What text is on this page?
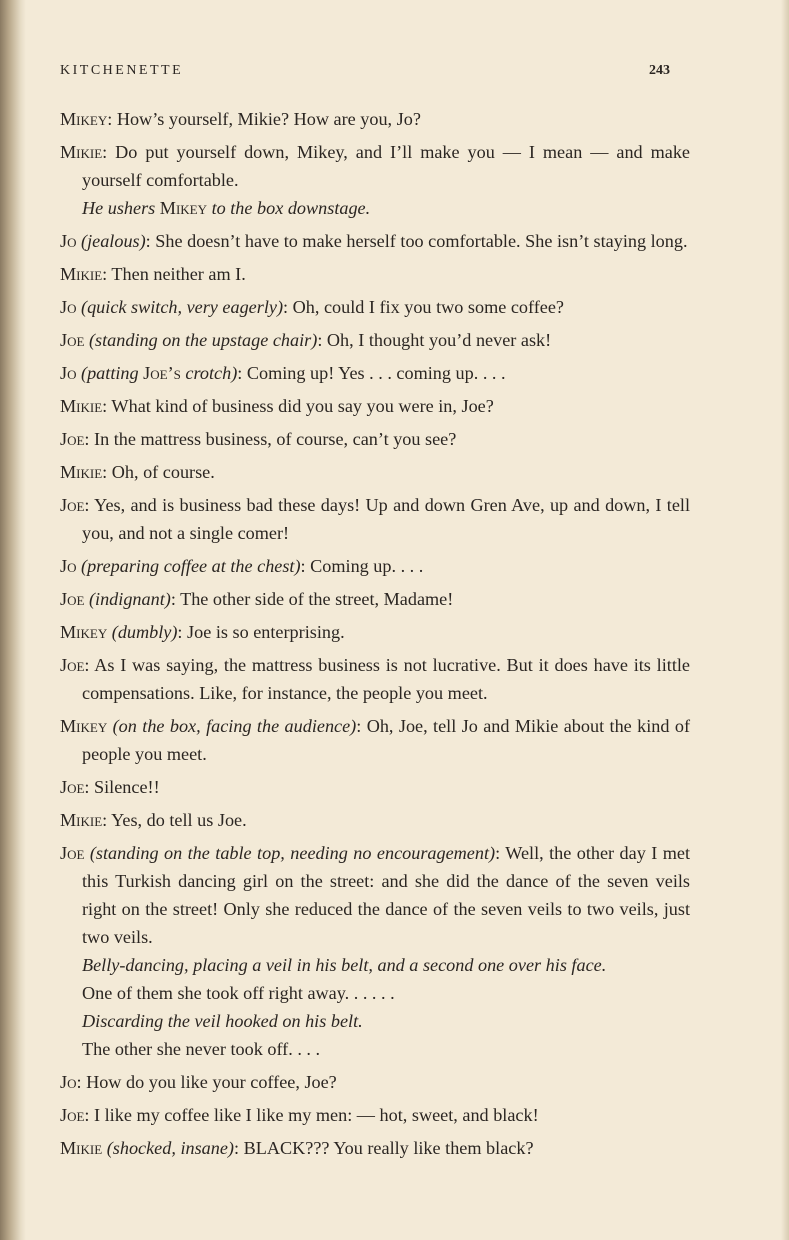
KITCHENETTE	243

Mikey: How’s yourself, Mikie? How are you, Jo?

Mikie: Do put yourself down, Mikey, and I’ll make you — I mean — and make yourself comfortable.

He ushers Mikey to the box downstage.

Jo (jealous): She doesn’t have to make herself too comfortable. She isn’t staying long.

Mikie: Then neither am I.

Jo (quick switch, very eagerly): Oh, could I fix you two some coffee?

Joe (standing on the upstage chair): Oh, I thought you’d never ask!

Jo (patting Joe’s crotch): Coming up! Yes . . . coming up. . . .

Mikie: What kind of business did you say you were in, Joe?

Joe: In the mattress business, of course, can’t you see?

Mikie: Oh, of course.

Joe: Yes, and is business bad these days! Up and down Gren Ave, up and down, I tell you, and not a single comer!

Jo (preparing coffee at the chest): Coming up. . . .

Joe (indignant): The other side of the street, Madame!

Mikey (dumbly): Joe is so enterprising.

Joe: As I was saying, the mattress business is not lucrative. But it does have its little compensations. Like, for instance, the people you meet.

Mikey (on the box, facing the audience): Oh, Joe, tell Jo and Mikie about the kind of people you meet.

Joe: Silence!!

Mikie: Yes, do tell us Joe.

Joe (standing on the table top, needing no encouragement): Well, the other day I met this Turkish dancing girl on the street: and she did the dance of the seven veils right on the street! Only she reduced the dance of the seven veils to two veils, just two veils.

Belly-dancing, placing a veil in his belt, and a second one over his face.

One of them she took off right away. . . . . .

Discarding the veil hooked on his belt.

The other she never took off. . . .

Jo: How do you like your coffee, Joe?

Joe: I like my coffee like I like my men: — hot, sweet, and black!

Mikie (shocked, insane): BLACK??? You really like them black?
